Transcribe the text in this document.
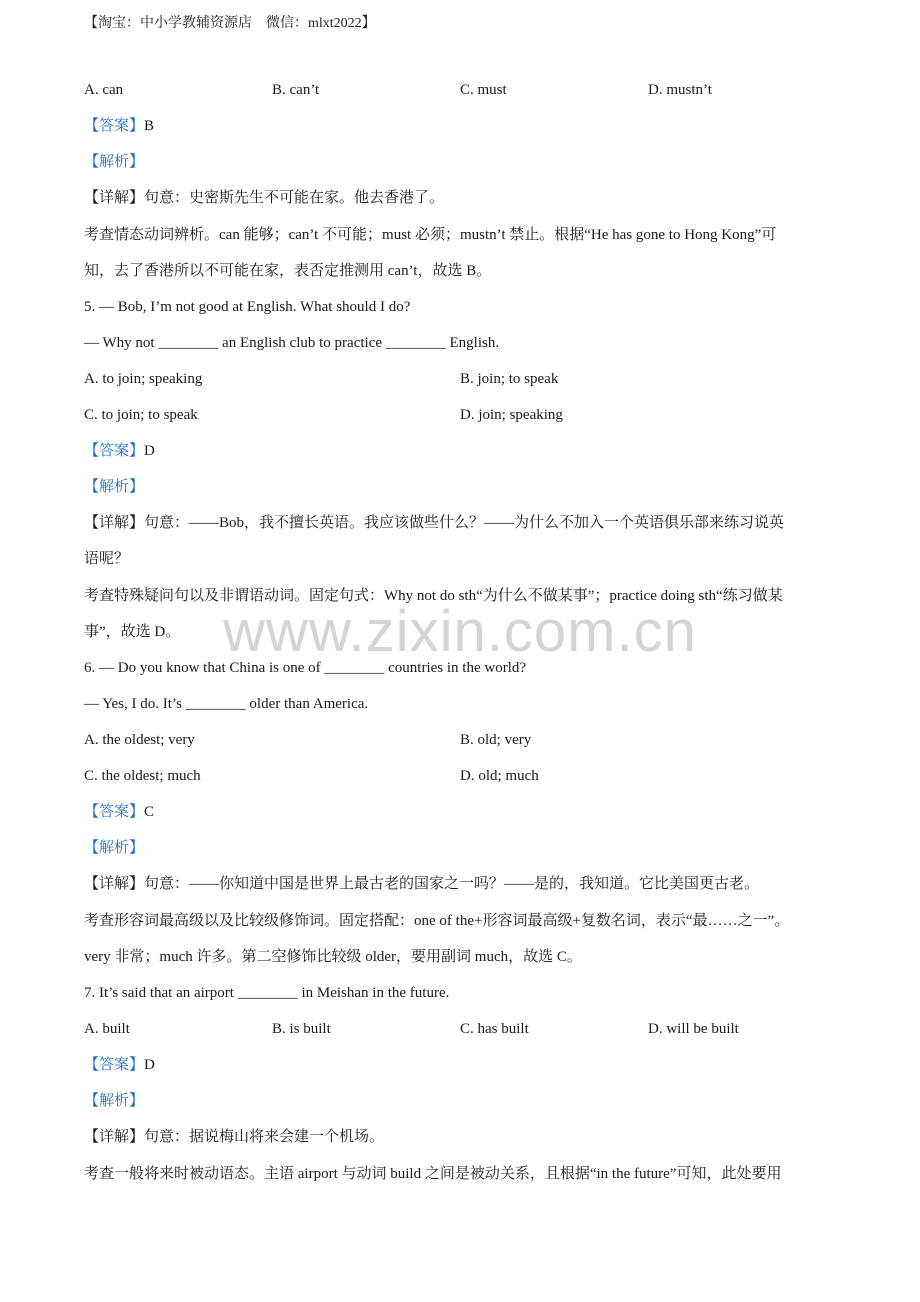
【淘宝：中小学教辅资源店　微信：mlxt2022】
A. can	B. can’t	C. must	D. mustn’t
【答案】B
【解析】
【详解】句意：史密斯先生不可能在家。他去香港了。
考查情态动词辨析。can 能够；can’t 不可能；must 必须；mustn’t 禁止。根据“He has gone to Hong Kong”可
知，去了香港所以不可能在家，表否定推测用 can’t，故选 B。
5. — Bob, I’m not good at English. What should I do?
— Why not ________ an English club to practice ________ English.
A. to join; speaking	B. join; to speak
C. to join; to speak	D. join; speaking
【答案】D
【解析】
【详解】句意：——Bob，我不擅长英语。我应该做些什么？——为什么不加入一个英语俱乐部来练习说英
语呢？
考查特殊疑问句以及非谓语动词。固定句式：Why not do sth“为什么不做某事”；practice doing sth“练习做某
事”，故选 D。
6. — Do you know that China is one of ________ countries in the world?
— Yes, I do. It’s ________ older than America.
A. the oldest; very	B. old; very
C. the oldest; much	D. old; much
【答案】C
【解析】
【详解】句意：——你知道中国是世界上最古老的国家之一吗？——是的，我知道。它比美国更古老。
考查形容词最高级以及比较级修饰词。固定搭配：one of the+形容词最高级+复数名词，表示“最……之一”。
very 非常；much 许多。第二空修饰比较级 older，要用副词 much，故选 C。
7. It’s said that an airport ________ in Meishan in the future.
A. built	B. is built	C. has built	D. will be built
【答案】D
【解析】
【详解】句意：据说梅山将来会建一个机场。
考查一般将来时被动语态。主语 airport 与动词 build 之间是被动关系，且根据“in the future”可知，此处要用
www.zixin.com.cn
